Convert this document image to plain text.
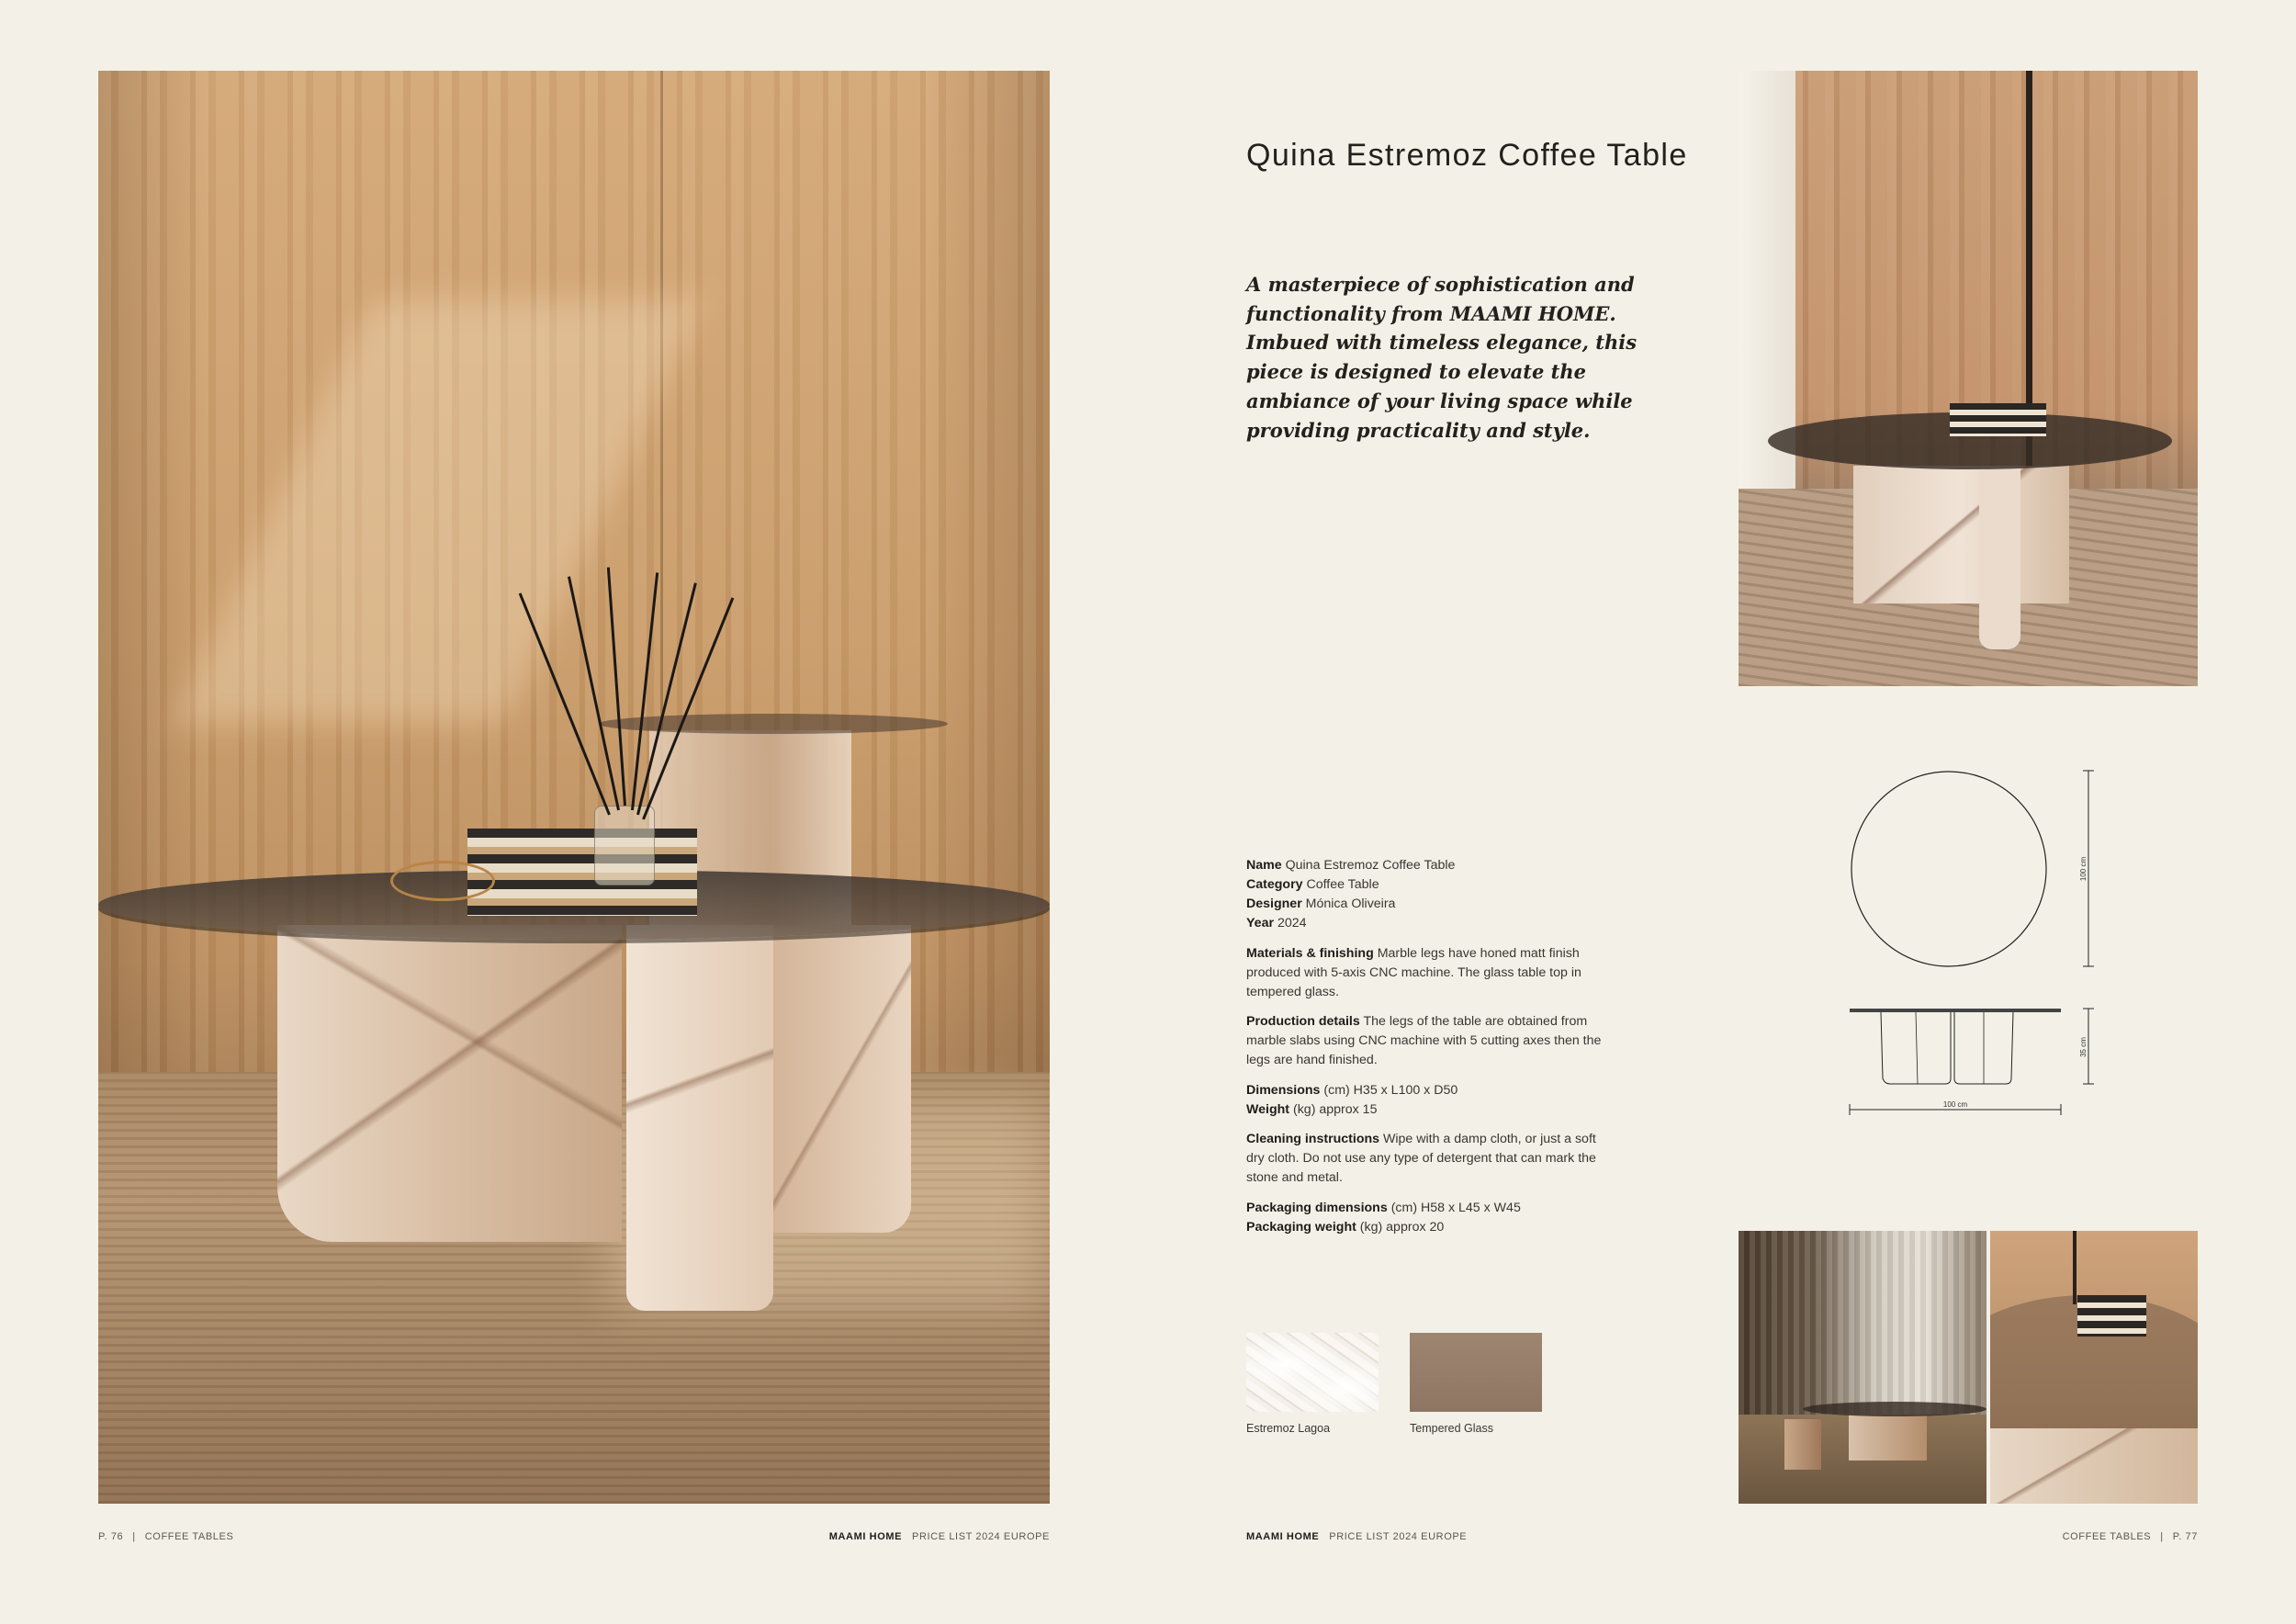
P. 76 | COFFEE TABLES	MAAMI HOME PRICE LIST 2024 EUROPE
Quina Estremoz Coffee Table

A masterpiece of sophistication and functionality from MAAMI HOME. Imbued with timeless elegance, this piece is designed to elevate the ambiance of your living space while providing practicality and style.

Name Quina Estremoz Coffee Table
Category Coffee Table
Designer Mónica Oliveira
Year 2024

Materials & finishing Marble legs have honed matt finish produced with 5-axis CNC machine. The glass table top in tempered glass.

Production details The legs of the table are obtained from marble slabs using CNC machine with 5 cutting axes then the legs are hand finished.

Dimensions (cm) H35 x L100 x D50
Weight (kg) approx 15

Cleaning instructions Wipe with a damp cloth, or just a soft dry cloth. Do not use any type of detergent that can mark the stone and metal.

Packaging dimensions (cm) H58 x L45 x W45
Packaging weight (kg) approx 20

Estremoz Lagoa	Tempered Glass
100 cm
35 cm
100 cm
MAAMI HOME PRICE LIST 2024 EUROPE	COFFEE TABLES | P. 77
